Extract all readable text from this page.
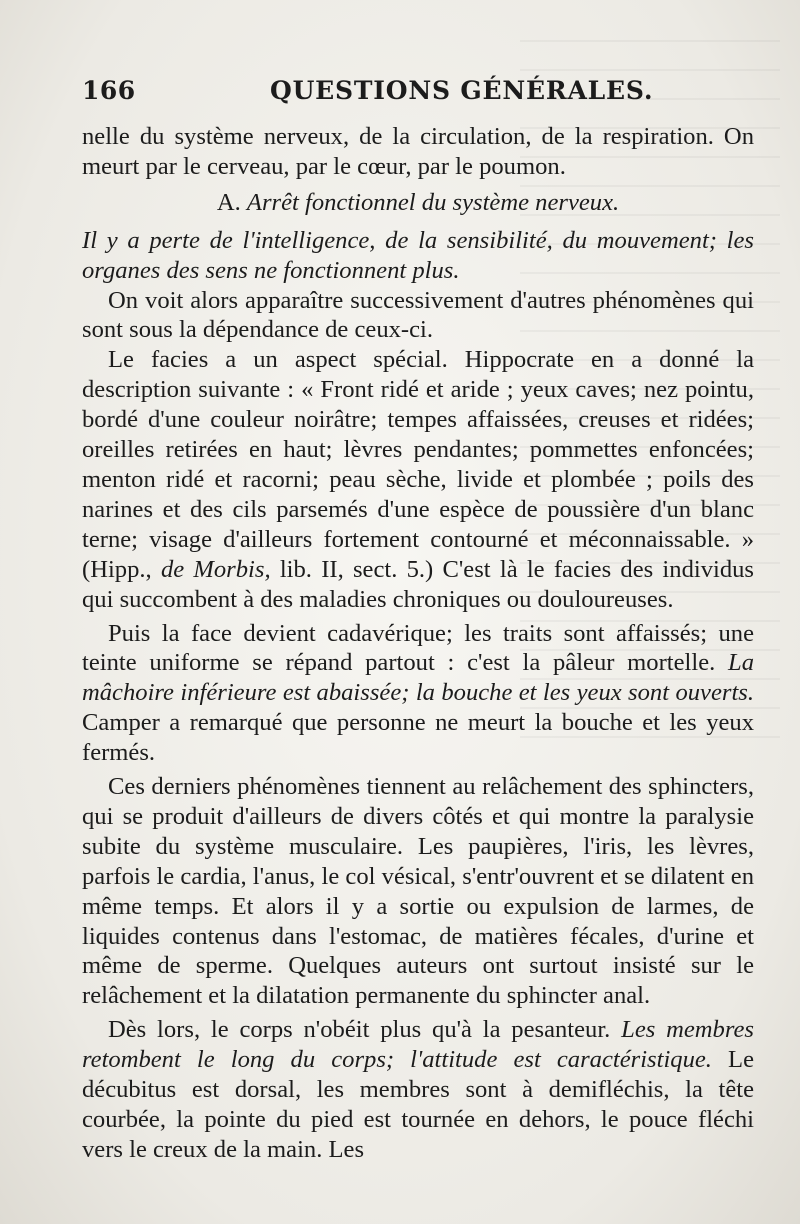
166	QUESTIONS GÉNÉRALES.

nelle du système nerveux, de la circulation, de la respiration. On meurt par le cerveau, par le cœur, par le poumon.

A. Arrêt fonctionnel du système nerveux.

Il y a perte de l'intelligence, de la sensibilité, du mouvement; les organes des sens ne fonctionnent plus.

On voit alors apparaître successivement d'autres phénomènes qui sont sous la dépendance de ceux-ci.

Le facies a un aspect spécial. Hippocrate en a donné la description suivante : « Front ridé et aride ; yeux caves; nez pointu, bordé d'une couleur noirâtre; tempes affaissées, creuses et ridées; oreilles retirées en haut; lèvres pendantes; pommettes enfoncées; menton ridé et racorni; peau sèche, livide et plombée ; poils des narines et des cils parsemés d'une espèce de poussière d'un blanc terne; visage d'ailleurs fortement contourné et méconnaissable. » (Hipp., de Morbis, lib. II, sect. 5.) C'est là le facies des individus qui succombent à des maladies chroniques ou douloureuses.

Puis la face devient cadavérique; les traits sont affaissés; une teinte uniforme se répand partout : c'est la pâleur mortelle. La mâchoire inférieure est abaissée; la bouche et les yeux sont ouverts. Camper a remarqué que personne ne meurt la bouche et les yeux fermés.

Ces derniers phénomènes tiennent au relâchement des sphincters, qui se produit d'ailleurs de divers côtés et qui montre la paralysie subite du système musculaire. Les paupières, l'iris, les lèvres, parfois le cardia, l'anus, le col vésical, s'entr'ouvrent et se dilatent en même temps. Et alors il y a sortie ou expulsion de larmes, de liquides contenus dans l'estomac, de matières fécales, d'urine et même de sperme. Quelques auteurs ont surtout insisté sur le relâchement et la dilatation permanente du sphincter anal.

Dès lors, le corps n'obéit plus qu'à la pesanteur. Les membres retombent le long du corps; l'attitude est caractéristique. Le décubitus est dorsal, les membres sont à demifléchis, la tête courbée, la pointe du pied est tournée en dehors, le pouce fléchi vers le creux de la main. Les
